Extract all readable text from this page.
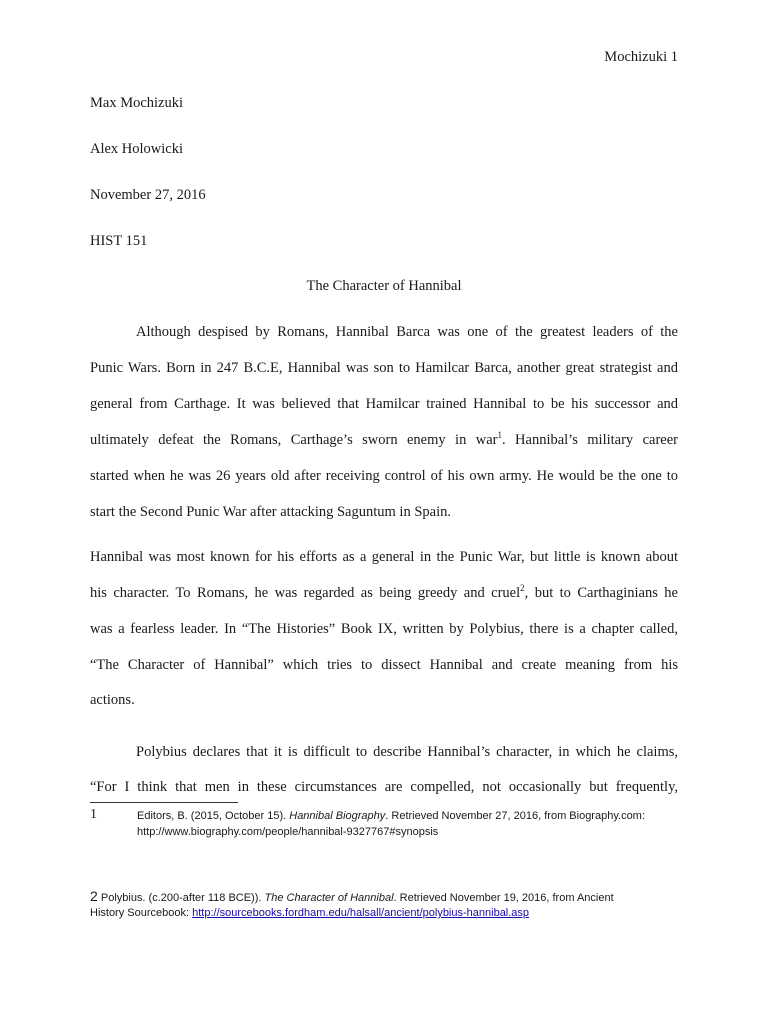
Mochizuki 1
Max Mochizuki
Alex Holowicki
November 27, 2016
HIST 151
The Character of Hannibal
Although despised by Romans, Hannibal Barca was one of the greatest leaders of the
Punic Wars. Born in 247 B.C.E, Hannibal was son to Hamilcar Barca, another great strategist and
general from Carthage. It was believed that Hamilcar trained Hannibal to be his successor and
ultimately defeat the Romans, Carthage’s sworn enemy in war$^1$. Hannibal’s military career
started when he was 26 years old after receiving control of his own army. He would be the one to
start the Second Punic War after attacking Saguntum in Spain.
Hannibal was most known for his efforts as a general in the Punic War, but little is known about
his character. To Romans, he was regarded as being greedy and cruel$^2$, but to Carthaginians he
was a fearless leader. In “The Histories” Book IX, written by Polybius, there is a chapter called,
“The Character of Hannibal” which tries to dissect Hannibal and create meaning from his
actions.
Polybius declares that it is difficult to describe Hannibal’s character, in which he claims,
“For I think that men in these circumstances are compelled, not occasionally but frequently,
1	Editors, B. (2015, October 15). Hannibal Biography. Retrieved November 27, 2016, from Biography.com:
http://www.biography.com/people/hannibal-9327767#synopsis
2 Polybius. (c.200-after 118 BCE)). The Character of Hannibal. Retrieved November 19, 2016, from Ancient
History Sourcebook: http://sourcebooks.fordham.edu/halsall/ancient/polybius-hannibal.asp
